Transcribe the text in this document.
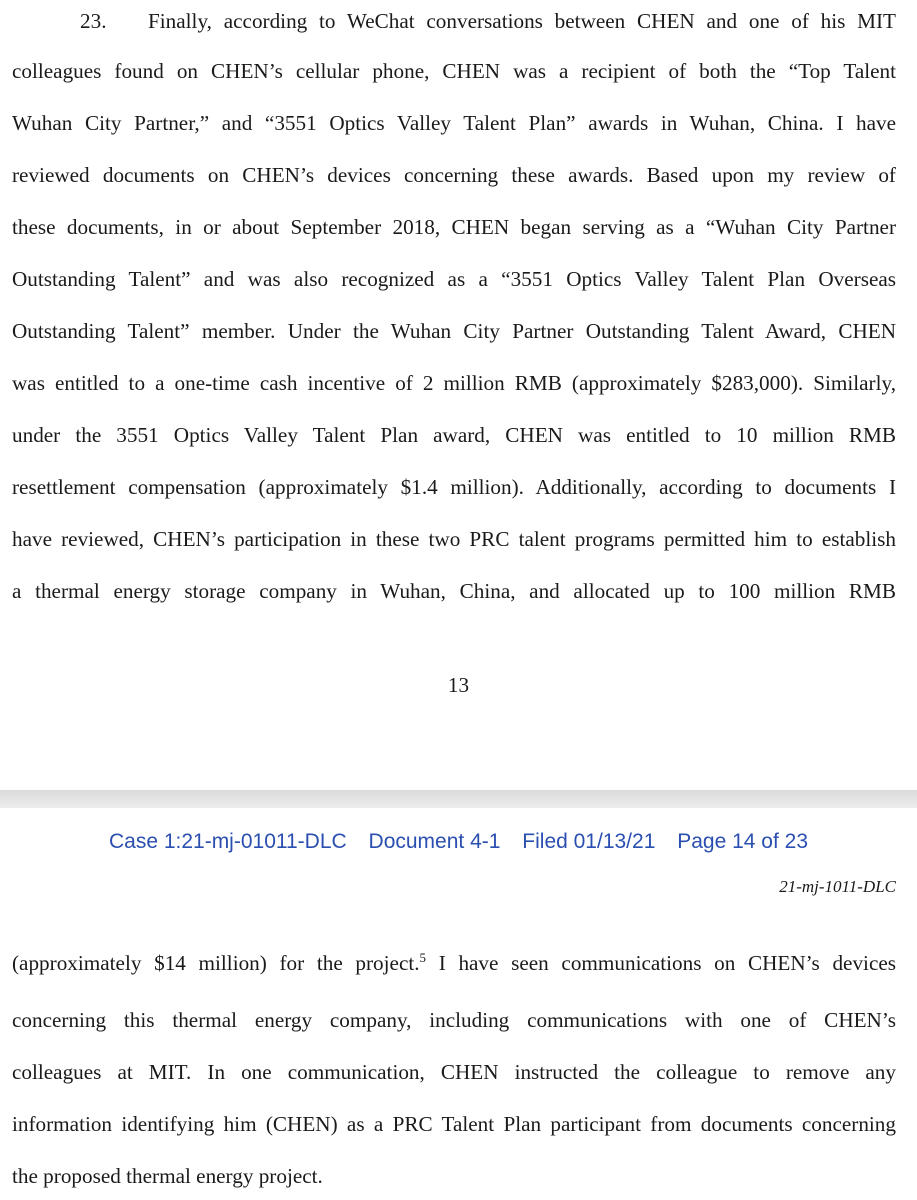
23. Finally, according to WeChat conversations between CHEN and one of his MIT
colleagues found on CHEN’s cellular phone, CHEN was a recipient of both the “Top Talent
Wuhan City Partner,” and “3551 Optics Valley Talent Plan” awards in Wuhan, China. I have
reviewed documents on CHEN’s devices concerning these awards. Based upon my review of
these documents, in or about September 2018, CHEN began serving as a “Wuhan City Partner
Outstanding Talent” and was also recognized as a “3551 Optics Valley Talent Plan Overseas
Outstanding Talent” member. Under the Wuhan City Partner Outstanding Talent Award, CHEN
was entitled to a one-time cash incentive of 2 million RMB (approximately $283,000). Similarly,
under the 3551 Optics Valley Talent Plan award, CHEN was entitled to 10 million RMB
resettlement compensation (approximately $1.4 million). Additionally, according to documents I
have reviewed, CHEN’s participation in these two PRC talent programs permitted him to establish
a thermal energy storage company in Wuhan, China, and allocated up to 100 million RMB
13
Case 1:21-mj-01011-DLC Document 4-1 Filed 01/13/21 Page 14 of 23
21-mj-1011-DLC
(approximately $14 million) for the project.$^5$ I have seen communications on CHEN’s devices
concerning this thermal energy company, including communications with one of CHEN’s
colleagues at MIT. In one communication, CHEN instructed the colleague to remove any
information identifying him (CHEN) as a PRC Talent Plan participant from documents concerning
the proposed thermal energy project.
